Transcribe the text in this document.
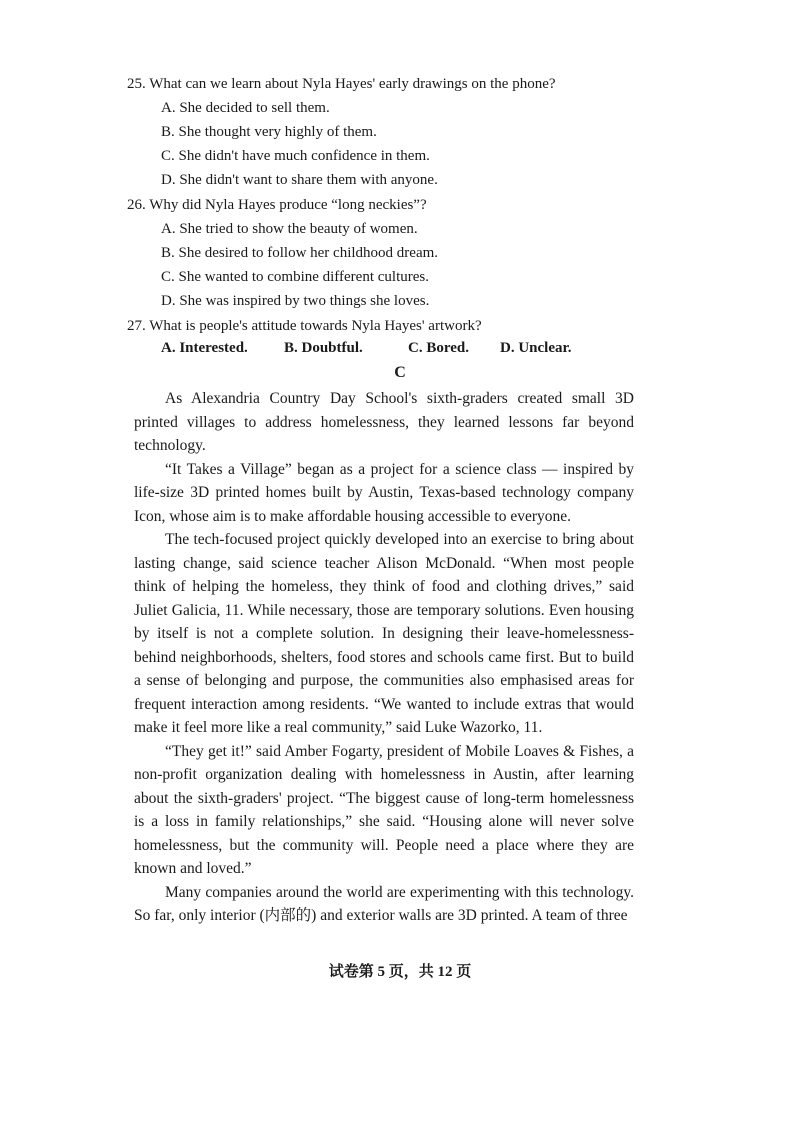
25. What can we learn about Nyla Hayes' early drawings on the phone?
A. She decided to sell them.
B. She thought very highly of them.
C. She didn't have much confidence in them.
D. She didn't want to share them with anyone.
26. Why did Nyla Hayes produce “long neckies”?
A. She tried to show the beauty of women.
B. She desired to follow her childhood dream.
C. She wanted to combine different cultures.
D. She was inspired by two things she loves.
27. What is people's attitude towards Nyla Hayes' artwork?
A. Interested. B. Doubtful.	C. Bored. D. Unclear.
C

As Alexandria Country Day School's sixth-graders created small 3D printed villages to address homelessness, they learned lessons far beyond technology.

“It Takes a Village” began as a project for a science class — inspired by life-size 3D printed homes built by Austin, Texas-based technology company Icon, whose aim is to make affordable housing accessible to everyone.

The tech-focused project quickly developed into an exercise to bring about lasting change, said science teacher Alison McDonald. “When most people think of helping the homeless, they think of food and clothing drives,” said Juliet Galicia, 11. While necessary, those are temporary solutions. Even housing by itself is not a complete solution. In designing their leave-homelessness-behind neighborhoods, shelters, food stores and schools came first. But to build a sense of belonging and purpose, the communities also emphasised areas for frequent interaction among residents. “We wanted to include extras that would make it feel more like a real community,” said Luke Wazorko, 11.

“They get it!” said Amber Fogarty, president of Mobile Loaves & Fishes, a non-profit organization dealing with homelessness in Austin, after learning about the sixth-graders' project. “The biggest cause of long-term homelessness is a loss in family relationships,” she said. “Housing alone will never solve homelessness, but the community will. People need a place where they are known and loved.”

Many companies around the world are experimenting with this technology. So far, only interior (内部的) and exterior walls are 3D printed. A team of three

试卷第 5 页，共 12 页
